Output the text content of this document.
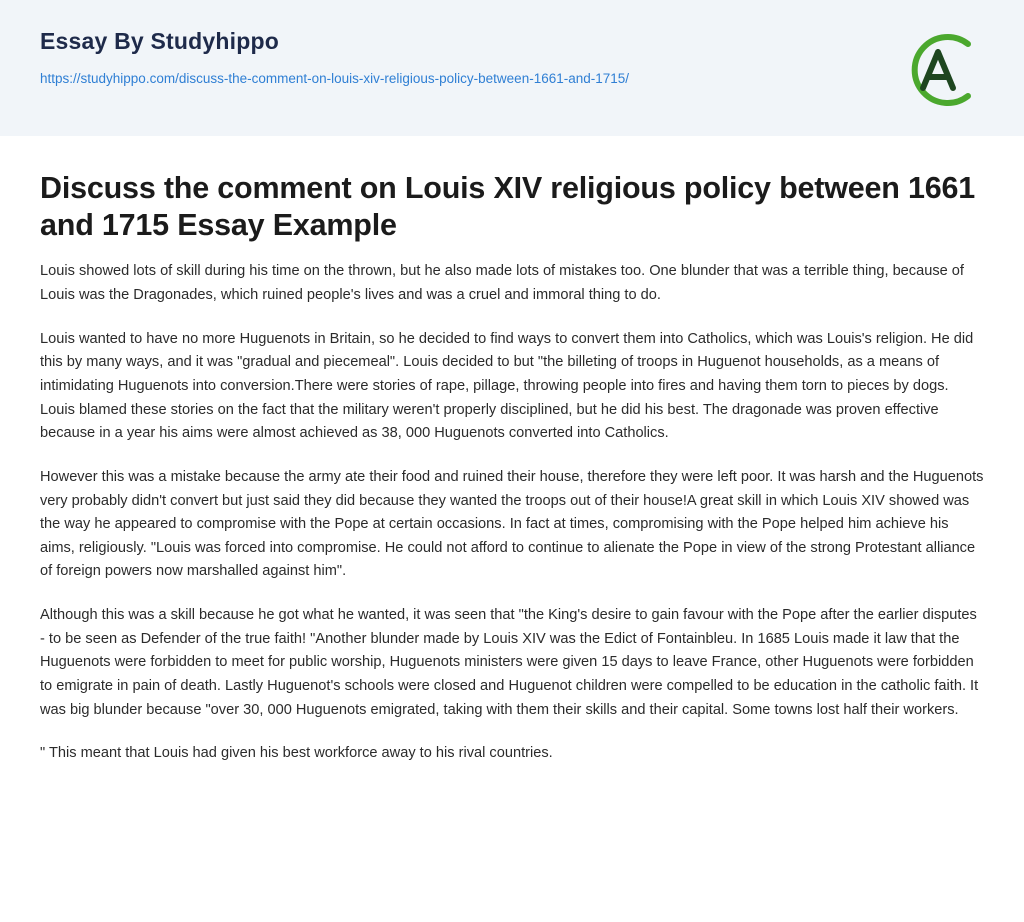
Essay By Studyhippo
https://studyhippo.com/discuss-the-comment-on-louis-xiv-religious-policy-between-1661-and-1715/
Discuss the comment on Louis XIV religious policy between 1661 and 1715 Essay Example

Louis showed lots of skill during his time on the thrown, but he also made lots of mistakes too. One blunder that was a terrible thing, because of Louis was the Dragonades, which ruined people's lives and was a cruel and immoral thing to do.

Louis wanted to have no more Huguenots in Britain, so he decided to find ways to convert them into Catholics, which was Louis's religion. He did this by many ways, and it was "gradual and piecemeal". Louis decided to but "the billeting of troops in Huguenot households, as a means of intimidating Huguenots into conversion.There were stories of rape, pillage, throwing people into fires and having them torn to pieces by dogs. Louis blamed these stories on the fact that the military weren't properly disciplined, but he did his best. The dragonade was proven effective because in a year his aims were almost achieved as 38, 000 Huguenots converted into Catholics.

However this was a mistake because the army ate their food and ruined their house, therefore they were left poor. It was harsh and the Huguenots very probably didn't convert but just said they did because they wanted the troops out of their house!A great skill in which Louis XIV showed was the way he appeared to compromise with the Pope at certain occasions. In fact at times, compromising with the Pope helped him achieve his aims, religiously. "Louis was forced into compromise. He could not afford to continue to alienate the Pope in view of the strong Protestant alliance of foreign powers now marshalled against him".

Although this was a skill because he got what he wanted, it was seen that "the King's desire to gain favour with the Pope after the earlier disputes - to be seen as Defender of the true faith! "Another blunder made by Louis XIV was the Edict of Fontainbleu. In 1685 Louis made it law that the Huguenots were forbidden to meet for public worship, Huguenots ministers were given 15 days to leave France, other Huguenots were forbidden to emigrate in pain of death. Lastly Huguenot's schools were closed and Huguenot children were compelled to be education in the catholic faith. It was big blunder because "over 30, 000 Huguenots emigrated, taking with them their skills and their capital. Some towns lost half their workers.

" This meant that Louis had given his best workforce away to his rival countries.
